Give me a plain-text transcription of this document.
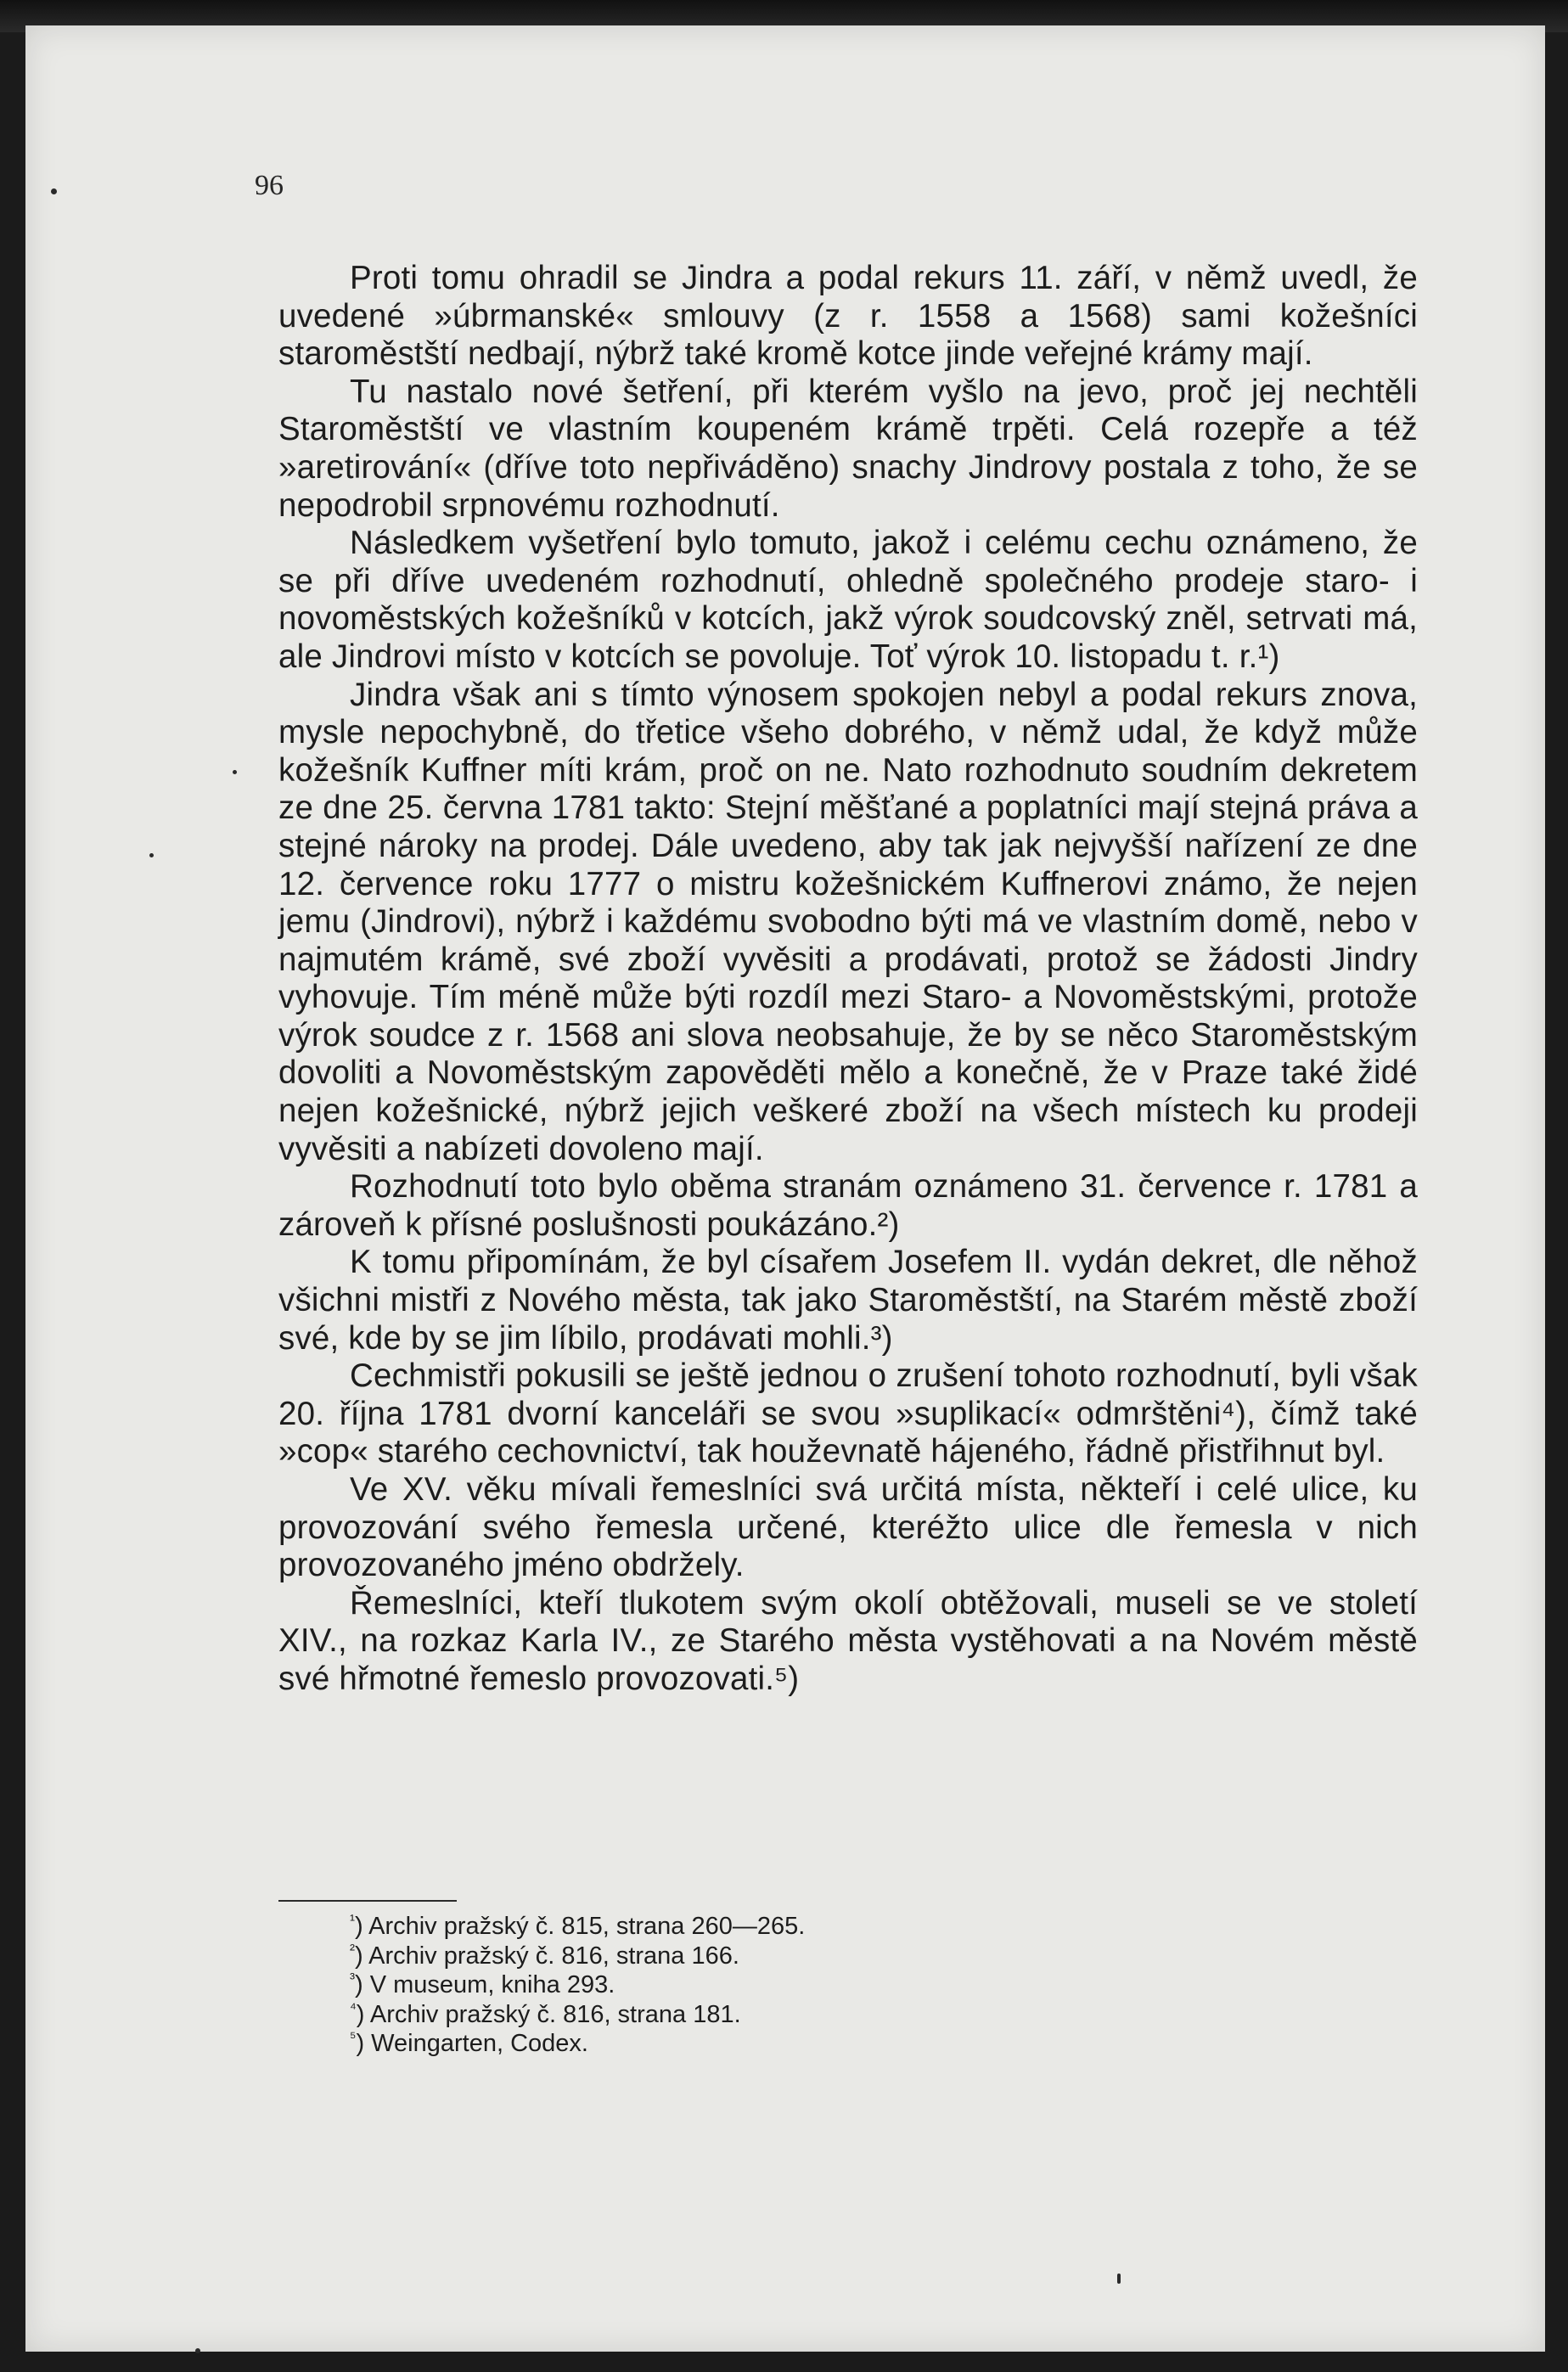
96

Proti tomu ohradil se Jindra a podal rekurs 11. září, v němž uvedl, že uvedené »úbrmanské« smlouvy (z r. 1558 a 1568) sami kožešníci staroměstští nedbají, nýbrž také kromě kotce jinde veřejné krámy mají.

Tu nastalo nové šetření, při kterém vyšlo na jevo, proč jej nechtěli Staroměstští ve vlastním koupeném krámě trpěti. Celá rozepře a též »aretirování« (dříve toto nepřiváděno) snachy Jindrovy postala z toho, že se nepodrobil srpnovému rozhodnutí.

Následkem vyšetření bylo tomuto, jakož i celému cechu oznámeno, že se při dříve uvedeném rozhodnutí, ohledně společného prodeje staro- i novoměstských kožešníků v kotcích, jakž výrok soudcovský zněl, setrvati má, ale Jindrovi místo v kotcích se povoluje. Toť výrok 10. listopadu t. r.¹)

Jindra však ani s tímto výnosem spokojen nebyl a podal rekurs znova, mysle nepochybně, do třetice všeho dobrého, v němž udal, že když může kožešník Kuffner míti krám, proč on ne. Nato rozhodnuto soudním dekretem ze dne 25. června 1781 takto: Stejní měšťané a poplatníci mají stejná práva a stejné nároky na prodej. Dále uvedeno, aby tak jak nejvyšší nařízení ze dne 12. července roku 1777 o mistru kožešnickém Kuffnerovi známo, že nejen jemu (Jindrovi), nýbrž i každému svobodno býti má ve vlastním domě, nebo v najmutém krámě, své zboží vyvěsiti a prodávati, protož se žádosti Jindry vyhovuje. Tím méně může býti rozdíl mezi Staro- a Novoměstskými, protože výrok soudce z r. 1568 ani slova neobsahuje, že by se něco Staroměstským dovoliti a Novoměstským zapověděti mělo a konečně, že v Praze také židé nejen kožešnické, nýbrž jejich veškeré zboží na všech místech ku prodeji vyvěsiti a nabízeti dovoleno mají.

Rozhodnutí toto bylo oběma stranám oznámeno 31. července r. 1781 a zároveň k přísné poslušnosti poukázáno.²)

K tomu připomínám, že byl císařem Josefem II. vydán dekret, dle něhož všichni mistři z Nového města, tak jako Staroměstští, na Starém městě zboží své, kde by se jim líbilo, prodávati mohli.³)

Cechmistři pokusili se ještě jednou o zrušení tohoto rozhodnutí, byli však 20. října 1781 dvorní kanceláři se svou »suplikací« odmrštěni⁴), čímž také »cop« starého cechovnictví, tak houževnatě hájeného, řádně přistřihnut byl.

Ve XV. věku mívali řemeslníci svá určitá místa, někteří i celé ulice, ku provozování svého řemesla určené, kteréžto ulice dle řemesla v nich provozovaného jméno obdržely.

Řemeslníci, kteří tlukotem svým okolí obtěžovali, museli se ve století XIV., na rozkaz Karla IV., ze Starého města vystěhovati a na Novém městě své hřmotné řemeslo provozovati.⁵)

$^{^1}$) Archiv pražský č. 815, strana 260—265.
$^{^2}$) Archiv pražský č. 816, strana 166.
$^{^3}$) V museum, kniha 293.
$^{^4}$) Archiv pražský č. 816, strana 181.
$^{^5}$) Weingarten, Codex.
